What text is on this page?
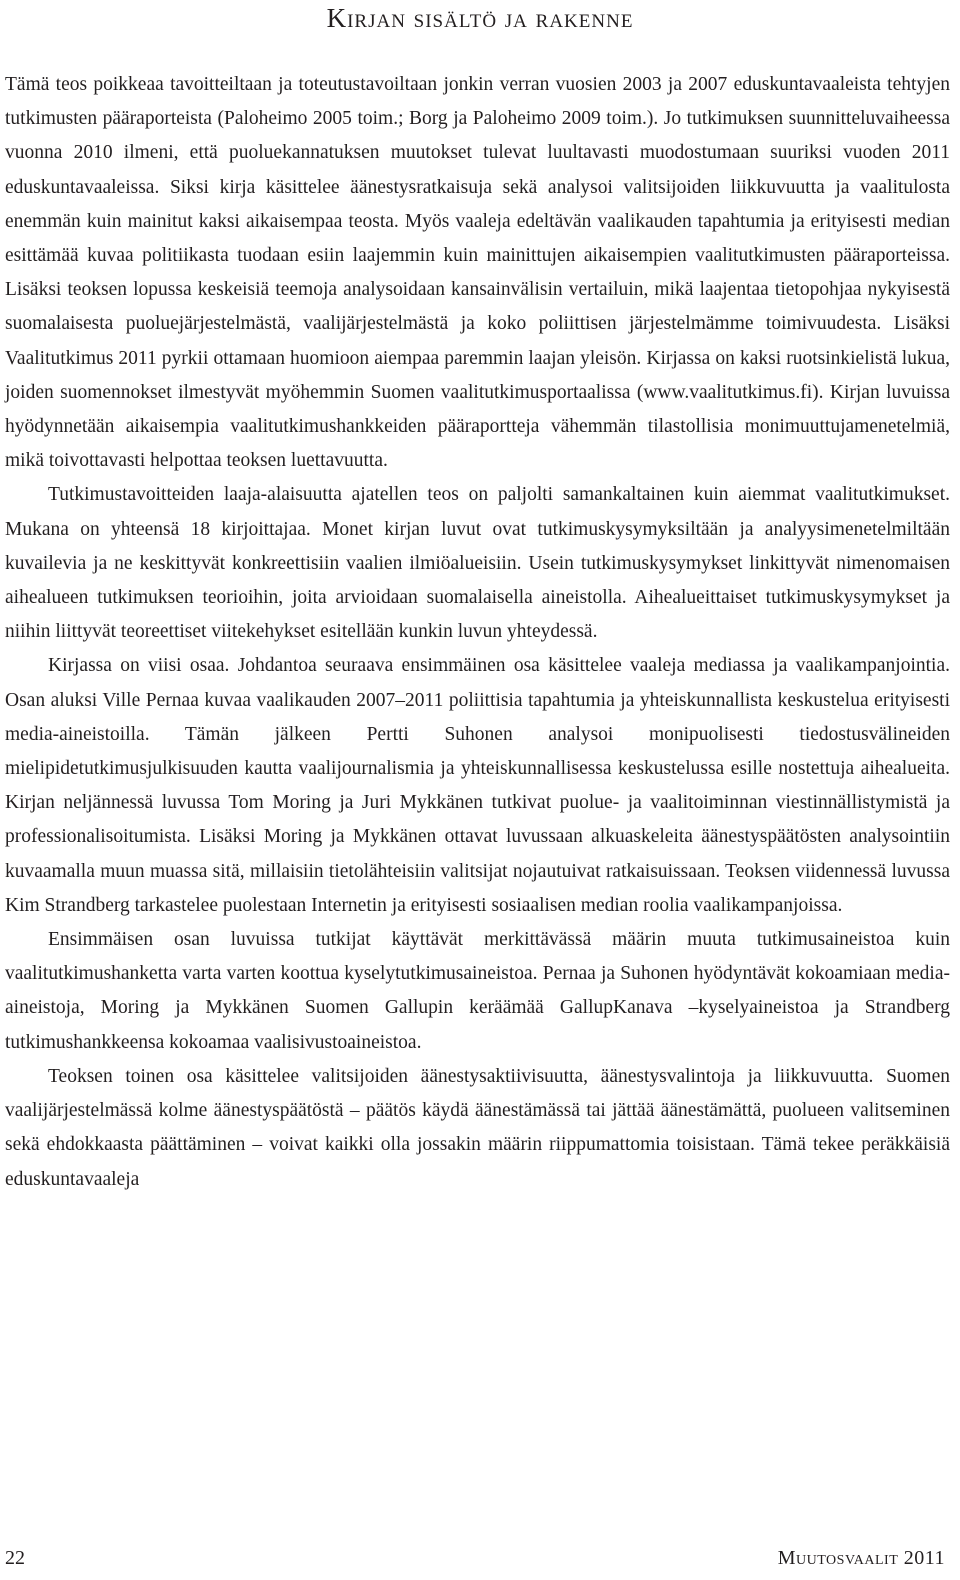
Kirjan sisältö ja rakenne

Tämä teos poikkeaa tavoitteiltaan ja toteutustavoiltaan jonkin verran vuosien 2003 ja 2007 eduskuntavaaleista tehtyjen tutkimusten pääraporteista (Paloheimo 2005 toim.; Borg ja Paloheimo 2009 toim.). Jo tutkimuksen suunnitteluvaiheessa vuonna 2010 ilmeni, että puoluekannatuksen muutokset tulevat luultavasti muodostumaan suuriksi vuoden 2011 eduskuntavaaleissa. Siksi kirja käsittelee äänestysratkaisuja sekä analysoi valitsijoiden liikkuvuutta ja vaalitulosta enemmän kuin mainitut kaksi aikaisempaa teosta. Myös vaaleja edeltävän vaalikauden tapahtumia ja erityisesti median esittämää kuvaa politiikasta tuodaan esiin laajemmin kuin mainittujen aikaisempien vaalitutkimusten pääraporteissa. Lisäksi teoksen lopussa keskeisiä teemoja analysoidaan kansainvälisin vertailuin, mikä laajentaa tietopohjaa nykyisestä suomalaisesta puoluejärjestelmästä, vaalijärjestelmästä ja koko poliittisen järjestelmämme toimivuudesta. Lisäksi Vaalitutkimus 2011 pyrkii ottamaan huomioon aiempaa paremmin laajan yleisön. Kirjassa on kaksi ruotsinkielistä lukua, joiden suomennokset ilmestyvät myöhemmin Suomen vaalitutkimusportaalissa (www.vaalitutkimus.fi). Kirjan luvuissa hyödynnetään aikaisempia vaalitutkimushankkeiden pääraportteja vähemmän tilastollisia monimuuttujamenetelmiä, mikä toivottavasti helpottaa teoksen luettavuutta.

Tutkimustavoitteiden laaja-alaisuutta ajatellen teos on paljolti samankaltainen kuin aiemmat vaalitutkimukset. Mukana on yhteensä 18 kirjoittajaa. Monet kirjan luvut ovat tutkimuskysymyksiltään ja analyysimenetelmiltään kuvailevia ja ne keskittyvät konkreettisiin vaalien ilmiöalueisiin. Usein tutkimuskysymykset linkittyvät nimenomaisen aihealueen tutkimuksen teorioihin, joita arvioidaan suomalaisella aineistolla. Aihealueittaiset tutkimuskysymykset ja niihin liittyvät teoreettiset viitekehykset esitellään kunkin luvun yhteydessä.

Kirjassa on viisi osaa. Johdantoa seuraava ensimmäinen osa käsittelee vaaleja mediassa ja vaalikampanjointia. Osan aluksi Ville Pernaa kuvaa vaalikauden 2007–2011 poliittisia tapahtumia ja yhteiskunnallista keskustelua erityisesti media-aineistoilla. Tämän jälkeen Pertti Suhonen analysoi monipuolisesti tiedostusvälineiden mielipidetutkimusjulkisuuden kautta vaalijournalismia ja yhteiskunnallisessa keskustelussa esille nostettuja aihealueita. Kirjan neljännessä luvussa Tom Moring ja Juri Mykkänen tutkivat puolue- ja vaalitoiminnan viestinnällistymistä ja professionalisoitumista. Lisäksi Moring ja Mykkänen ottavat luvussaan alkuaskeleita äänestyspäätösten analysointiin kuvaamalla muun muassa sitä, millaisiin tietolähteisiin valitsijat nojautuivat ratkaisuissaan. Teoksen viidennessä luvussa Kim Strandberg tarkastelee puolestaan Internetin ja erityisesti sosiaalisen median roolia vaalikampanjoissa.

Ensimmäisen osan luvuissa tutkijat käyttävät merkittävässä määrin muuta tutkimusaineistoa kuin vaalitutkimushanketta varta varten koottua kyselytutkimusaineistoa. Pernaa ja Suhonen hyödyntävät kokoamiaan media-aineistoja, Moring ja Mykkänen Suomen Gallupin keräämää GallupKanava –kyselyaineistoa ja Strandberg tutkimushankkeensa kokoamaa vaalisivustoaineistoa.

Teoksen toinen osa käsittelee valitsijoiden äänestysaktiivisuutta, äänestysvalintoja ja liikkuvuutta. Suomen vaalijärjestelmässä kolme äänestyspäätöstä – päätös käydä äänestämässä tai jättää äänestämättä, puolueen valitseminen sekä ehdokkaasta päättäminen – voivat kaikki olla jossakin määrin riippumattomia toisistaan. Tämä tekee peräkkäisiä eduskuntavaaleja

22	Muutosvaalit 2011
